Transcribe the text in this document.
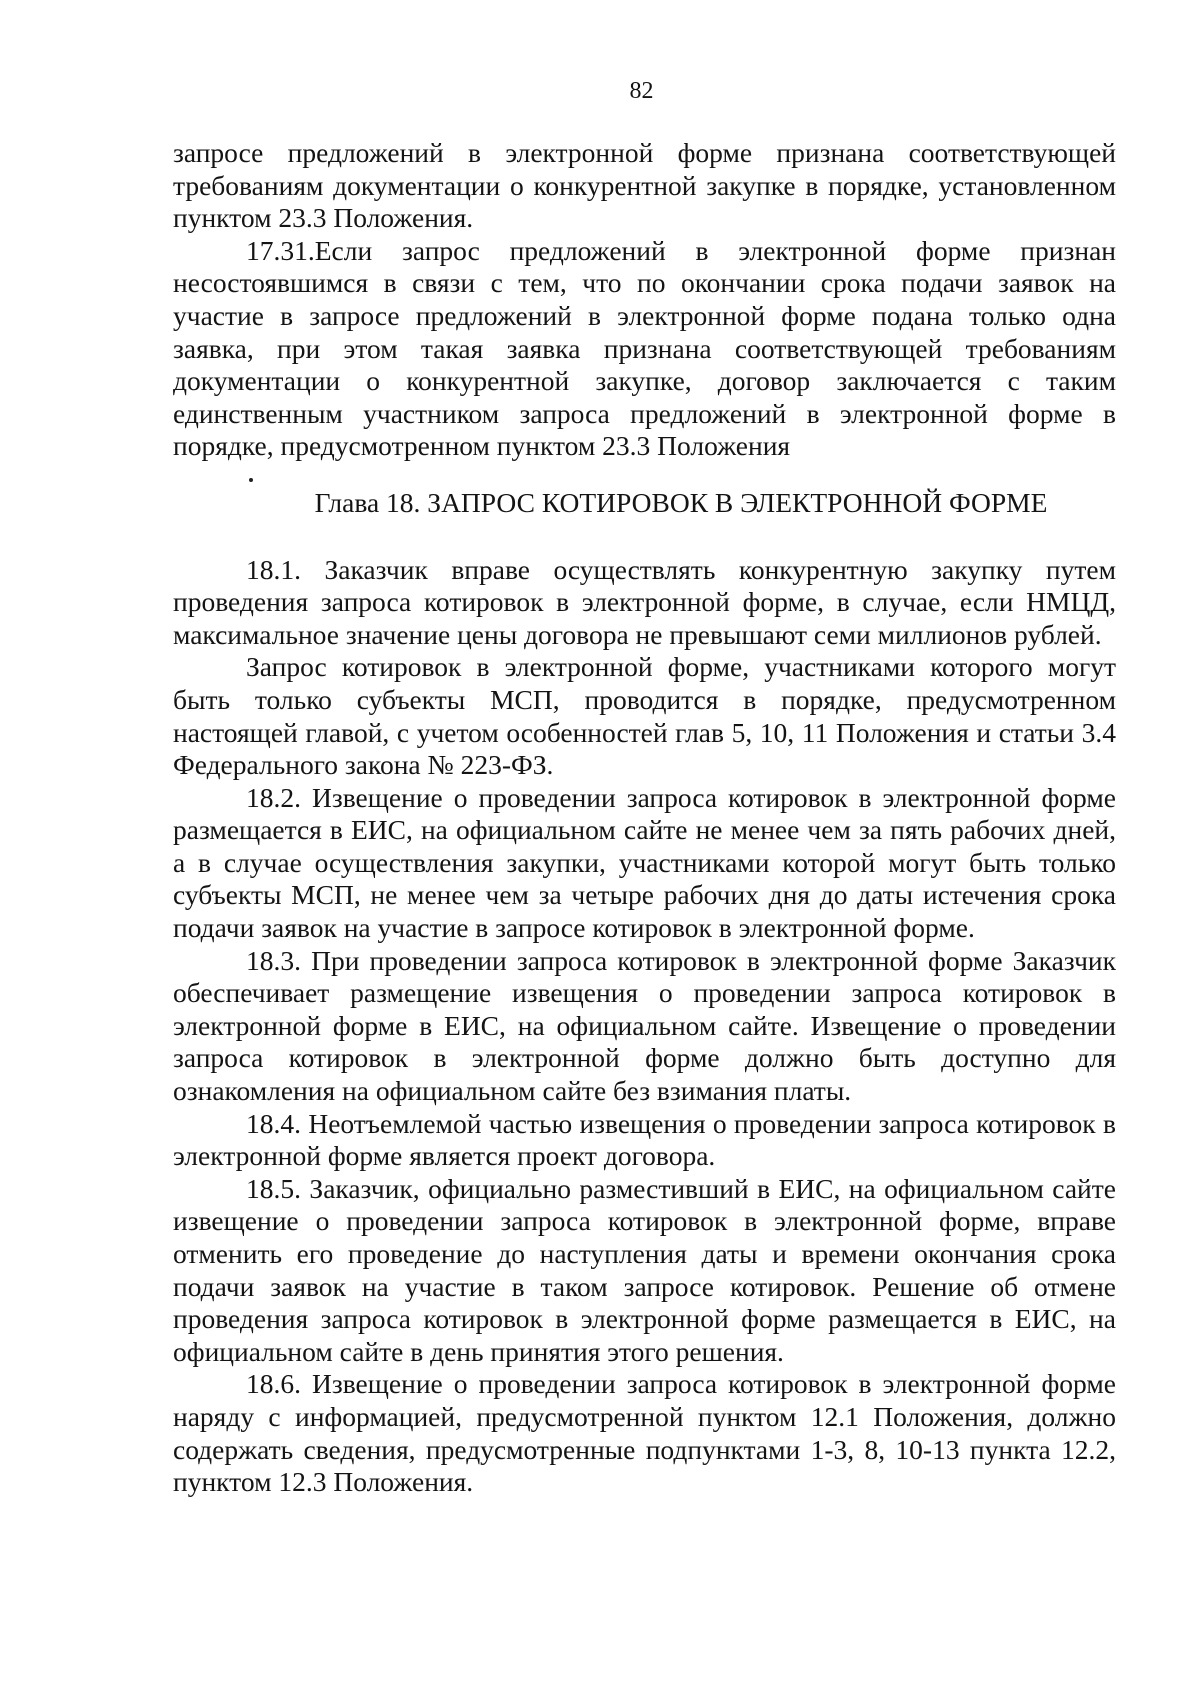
82

запросе предложений в электронной форме признана соответствующей требованиям документации о конкурентной закупке в порядке, установленном пунктом 23.3 Положения.

17.31.Если запрос предложений в электронной форме признан несостоявшимся в связи с тем, что по окончании срока подачи заявок на участие в запросе предложений в электронной форме подана только одна заявка, при этом такая заявка признана соответствующей требованиям документации о конкурентной закупке, договор заключается с таким единственным участником запроса предложений в электронной форме в порядке, предусмотренном пунктом 23.3 Положения

Глава 18. ЗАПРОС КОТИРОВОК В ЭЛЕКТРОННОЙ ФОРМЕ

18.1. Заказчик вправе осуществлять конкурентную закупку путем проведения запроса котировок в электронной форме, в случае, если НМЦД, максимальное значение цены договора не превышают семи миллионов рублей.

Запрос котировок в электронной форме, участниками которого могут быть только субъекты МСП, проводится в порядке, предусмотренном настоящей главой, с учетом особенностей глав 5, 10, 11 Положения и статьи 3.4 Федерального закона № 223-ФЗ.

18.2. Извещение о проведении запроса котировок в электронной форме размещается в ЕИС, на официальном сайте не менее чем за пять рабочих дней, а в случае осуществления закупки, участниками которой могут быть только субъекты МСП, не менее чем за четыре рабочих дня до даты истечения срока подачи заявок на участие в запросе котировок в электронной форме.

18.3. При проведении запроса котировок в электронной форме Заказчик обеспечивает размещение извещения о проведении запроса котировок в электронной форме в ЕИС, на официальном сайте. Извещение о проведении запроса котировок в электронной форме должно быть доступно для ознакомления на официальном сайте без взимания платы.

18.4. Неотъемлемой частью извещения о проведении запроса котировок в электронной форме является проект договора.

18.5. Заказчик, официально разместивший в ЕИС, на официальном сайте извещение о проведении запроса котировок в электронной форме, вправе отменить его проведение до наступления даты и времени окончания срока подачи заявок на участие в таком запросе котировок. Решение об отмене проведения запроса котировок в электронной форме размещается в ЕИС, на официальном сайте в день принятия этого решения.

18.6. Извещение о проведении запроса котировок в электронной форме наряду с информацией, предусмотренной пунктом 12.1 Положения, должно содержать сведения, предусмотренные подпунктами 1-3, 8, 10-13 пункта 12.2, пунктом 12.3 Положения.
